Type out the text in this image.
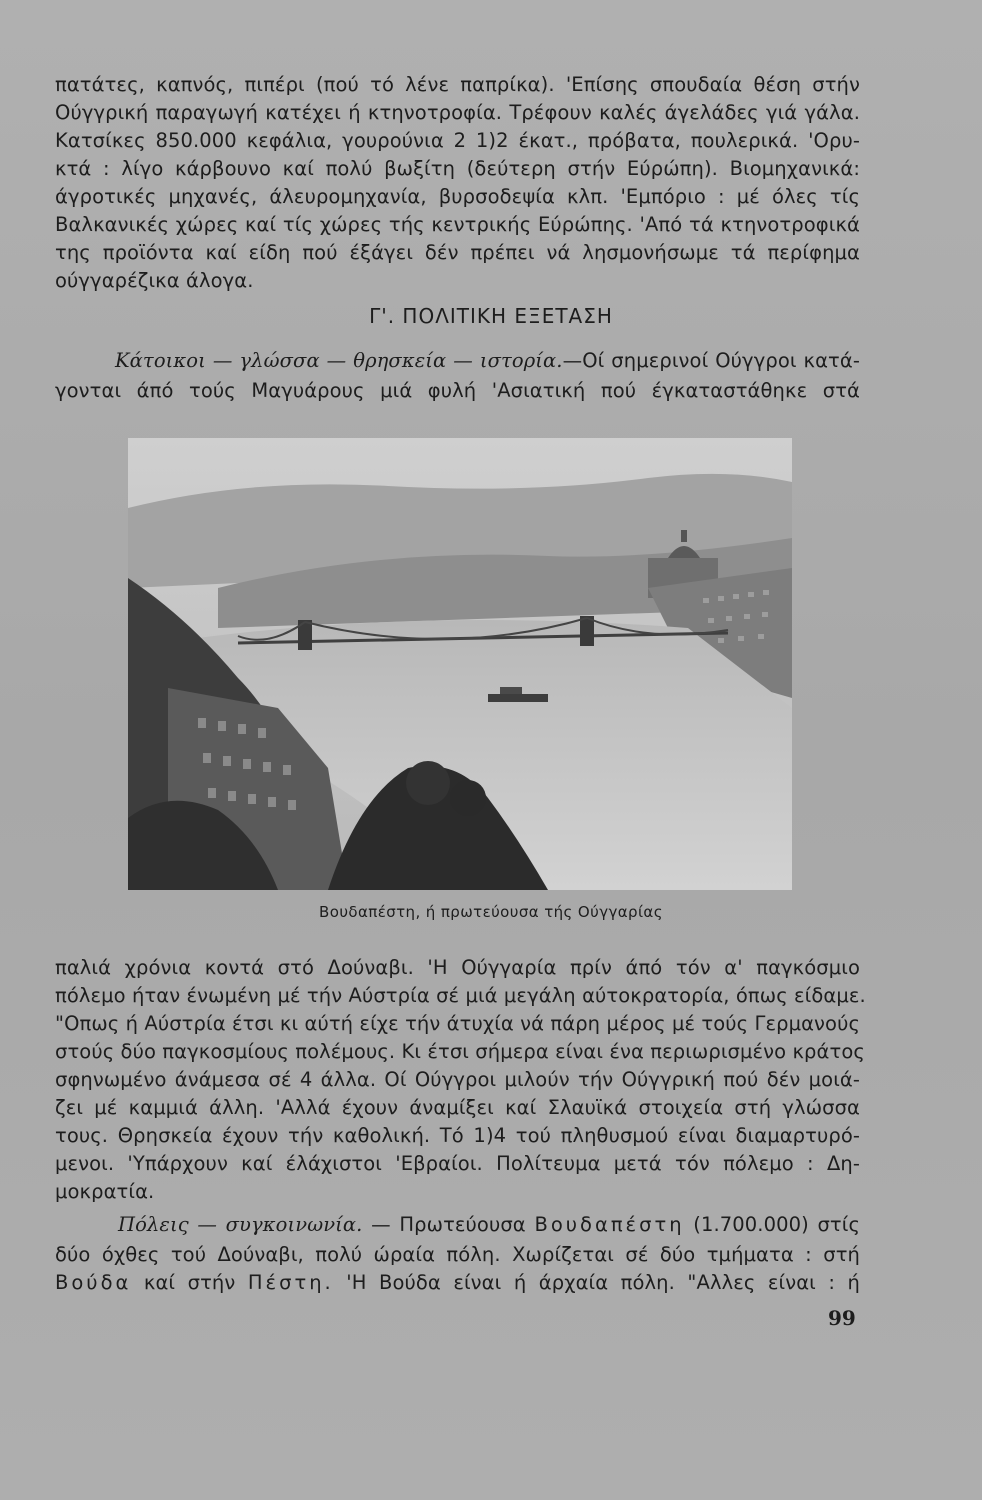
πατάτες, καπνός, πιπέρι (πού τό λένε παπρίκα). 'Επίσης σπουδαία θέση στήν
Ούγγρική παραγωγή κατέχει ή κτηνοτροφία. Τρέφουν καλές άγελάδες γιά γάλα.
Κατσίκες 850.000 κεφάλια, γουρούνια 2 1)2 έκατ., πρόβατα, πουλερικά. 'Ορυ-
κτά : λίγο κάρβουνο καί πολύ βωξίτη (δεύτερη στήν Εύρώπη). Βιομηχανικά:
άγροτικές μηχανές, άλευρομηχανία, βυρσοδεψία κλπ. 'Εμπόριο : μέ όλες τίς
Βαλκανικές χώρες καί τίς χώρες τής κεντρικής Εύρώπης. 'Από τά κτηνοτροφικά
της προϊόντα καί είδη πού έξάγει δέν πρέπει νά λησμονήσωμε τά περίφημα
ούγγαρέζικα άλογα.
Γ'. ΠΟΛΙΤΙΚΗ ΕΞΕΤΑΣΗ
Κάτοικοι — γλώσσα — θρησκεία — ιστορία.—Οί σημερινοί Ούγγροι κατά-
γονται άπό τούς Μαγυάρους μιά φυλή 'Ασιατική πού έγκαταστάθηκε στά
Βουδαπέστη, ή πρωτεύουσα τής Ούγγαρίας
παλιά χρόνια κοντά στό Δούναβι. 'Η Ούγγαρία πρίν άπό τόν α' παγκόσμιο
πόλεμο ήταν ένωμένη μέ τήν Αύστρία σέ μιά μεγάλη αύτοκρατορία, όπως είδαμε.
"Οπως ή Αύστρία έτσι κι αύτή είχε τήν άτυχία νά πάρη μέρος μέ τούς Γερμανούς
στούς δύο παγκοσμίους πολέμους. Κι έτσι σήμερα είναι ένα περιωρισμένο κράτος
σφηνωμένο άνάμεσα σέ 4 άλλα. Οί Ούγγροι μιλούν τήν Ούγγρική πού δέν μοιά-
ζει μέ καμμιά άλλη. 'Αλλά έχουν άναμίξει καί Σλαυϊκά στοιχεία στή γλώσσα
τους. Θρησκεία έχουν τήν καθολική. Τό 1)4 τού πληθυσμού είναι διαμαρτυρό-
μενοι. 'Υπάρχουν καί έλάχιστοι 'Εβραίοι. Πολίτευμα μετά τόν πόλεμο : Δη-
μοκρατία.
Πόλεις — συγκοινωνία. — Πρωτεύουσα Βουδαπέστη (1.700.000) στίς
δύο όχθες τού Δούναβι, πολύ ώραία πόλη. Χωρίζεται σέ δύο τμήματα : στή
Βούδα καί στήν Πέστη. 'Η Βούδα είναι ή άρχαία πόλη. "Αλλες είναι : ή
99
